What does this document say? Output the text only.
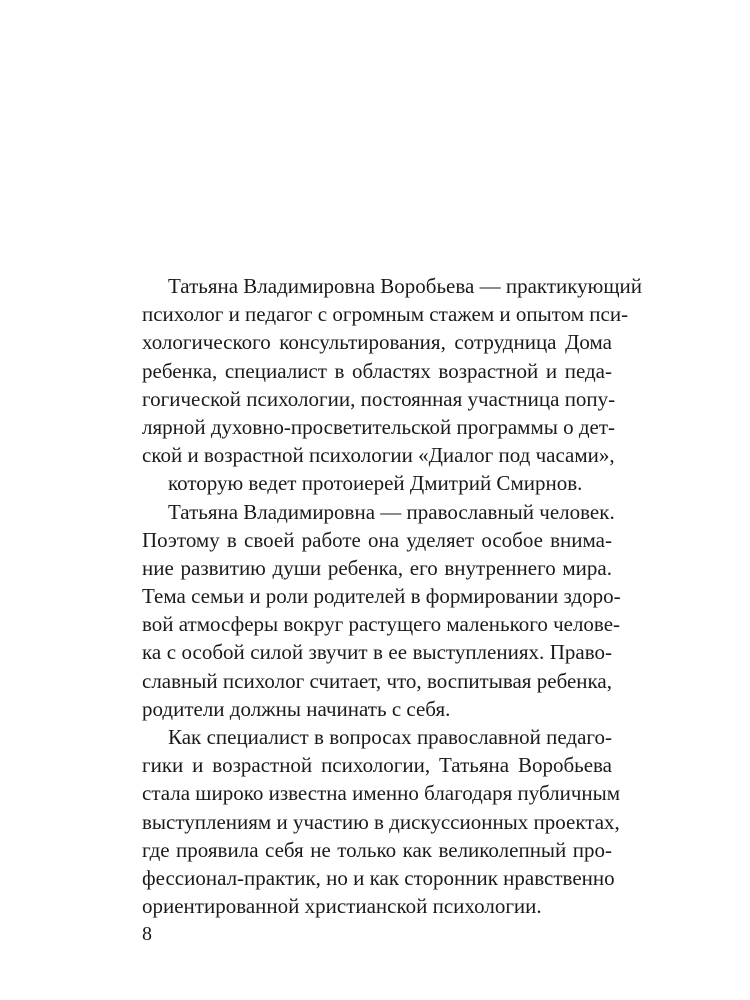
Татьяна Владимировна Воробьева — практикующий
психолог и педагог с огромным стажем и опытом пси-
хологического консультирования, сотрудница Дома
ребенка, специалист в областях возрастной и педа-
гогической психологии, постоянная участница попу-
лярной духовно-просветительской программы о дет-
ской и возрастной психологии «Диалог под часами»,
которую ведет протоиерей Дмитрий Смирнов.

Татьяна Владимировна — православный человек.
Поэтому в своей работе она уделяет особое внима-
ние развитию души ребенка, его внутреннего мира.
Тема семьи и роли родителей в формировании здоро-
вой атмосферы вокруг растущего маленького челове-
ка с особой силой звучит в ее выступлениях. Право-
славный психолог считает, что, воспитывая ребенка,
родители должны начинать с себя.

Как специалист в вопросах православной педаго-
гики и возрастной психологии, Татьяна Воробьева
стала широко известна именно благодаря публичным
выступлениям и участию в дискуссионных проектах,
где проявила себя не только как великолепный про-
фессионал-практик, но и как сторонник нравственно
ориентированной христианской психологии.

8
